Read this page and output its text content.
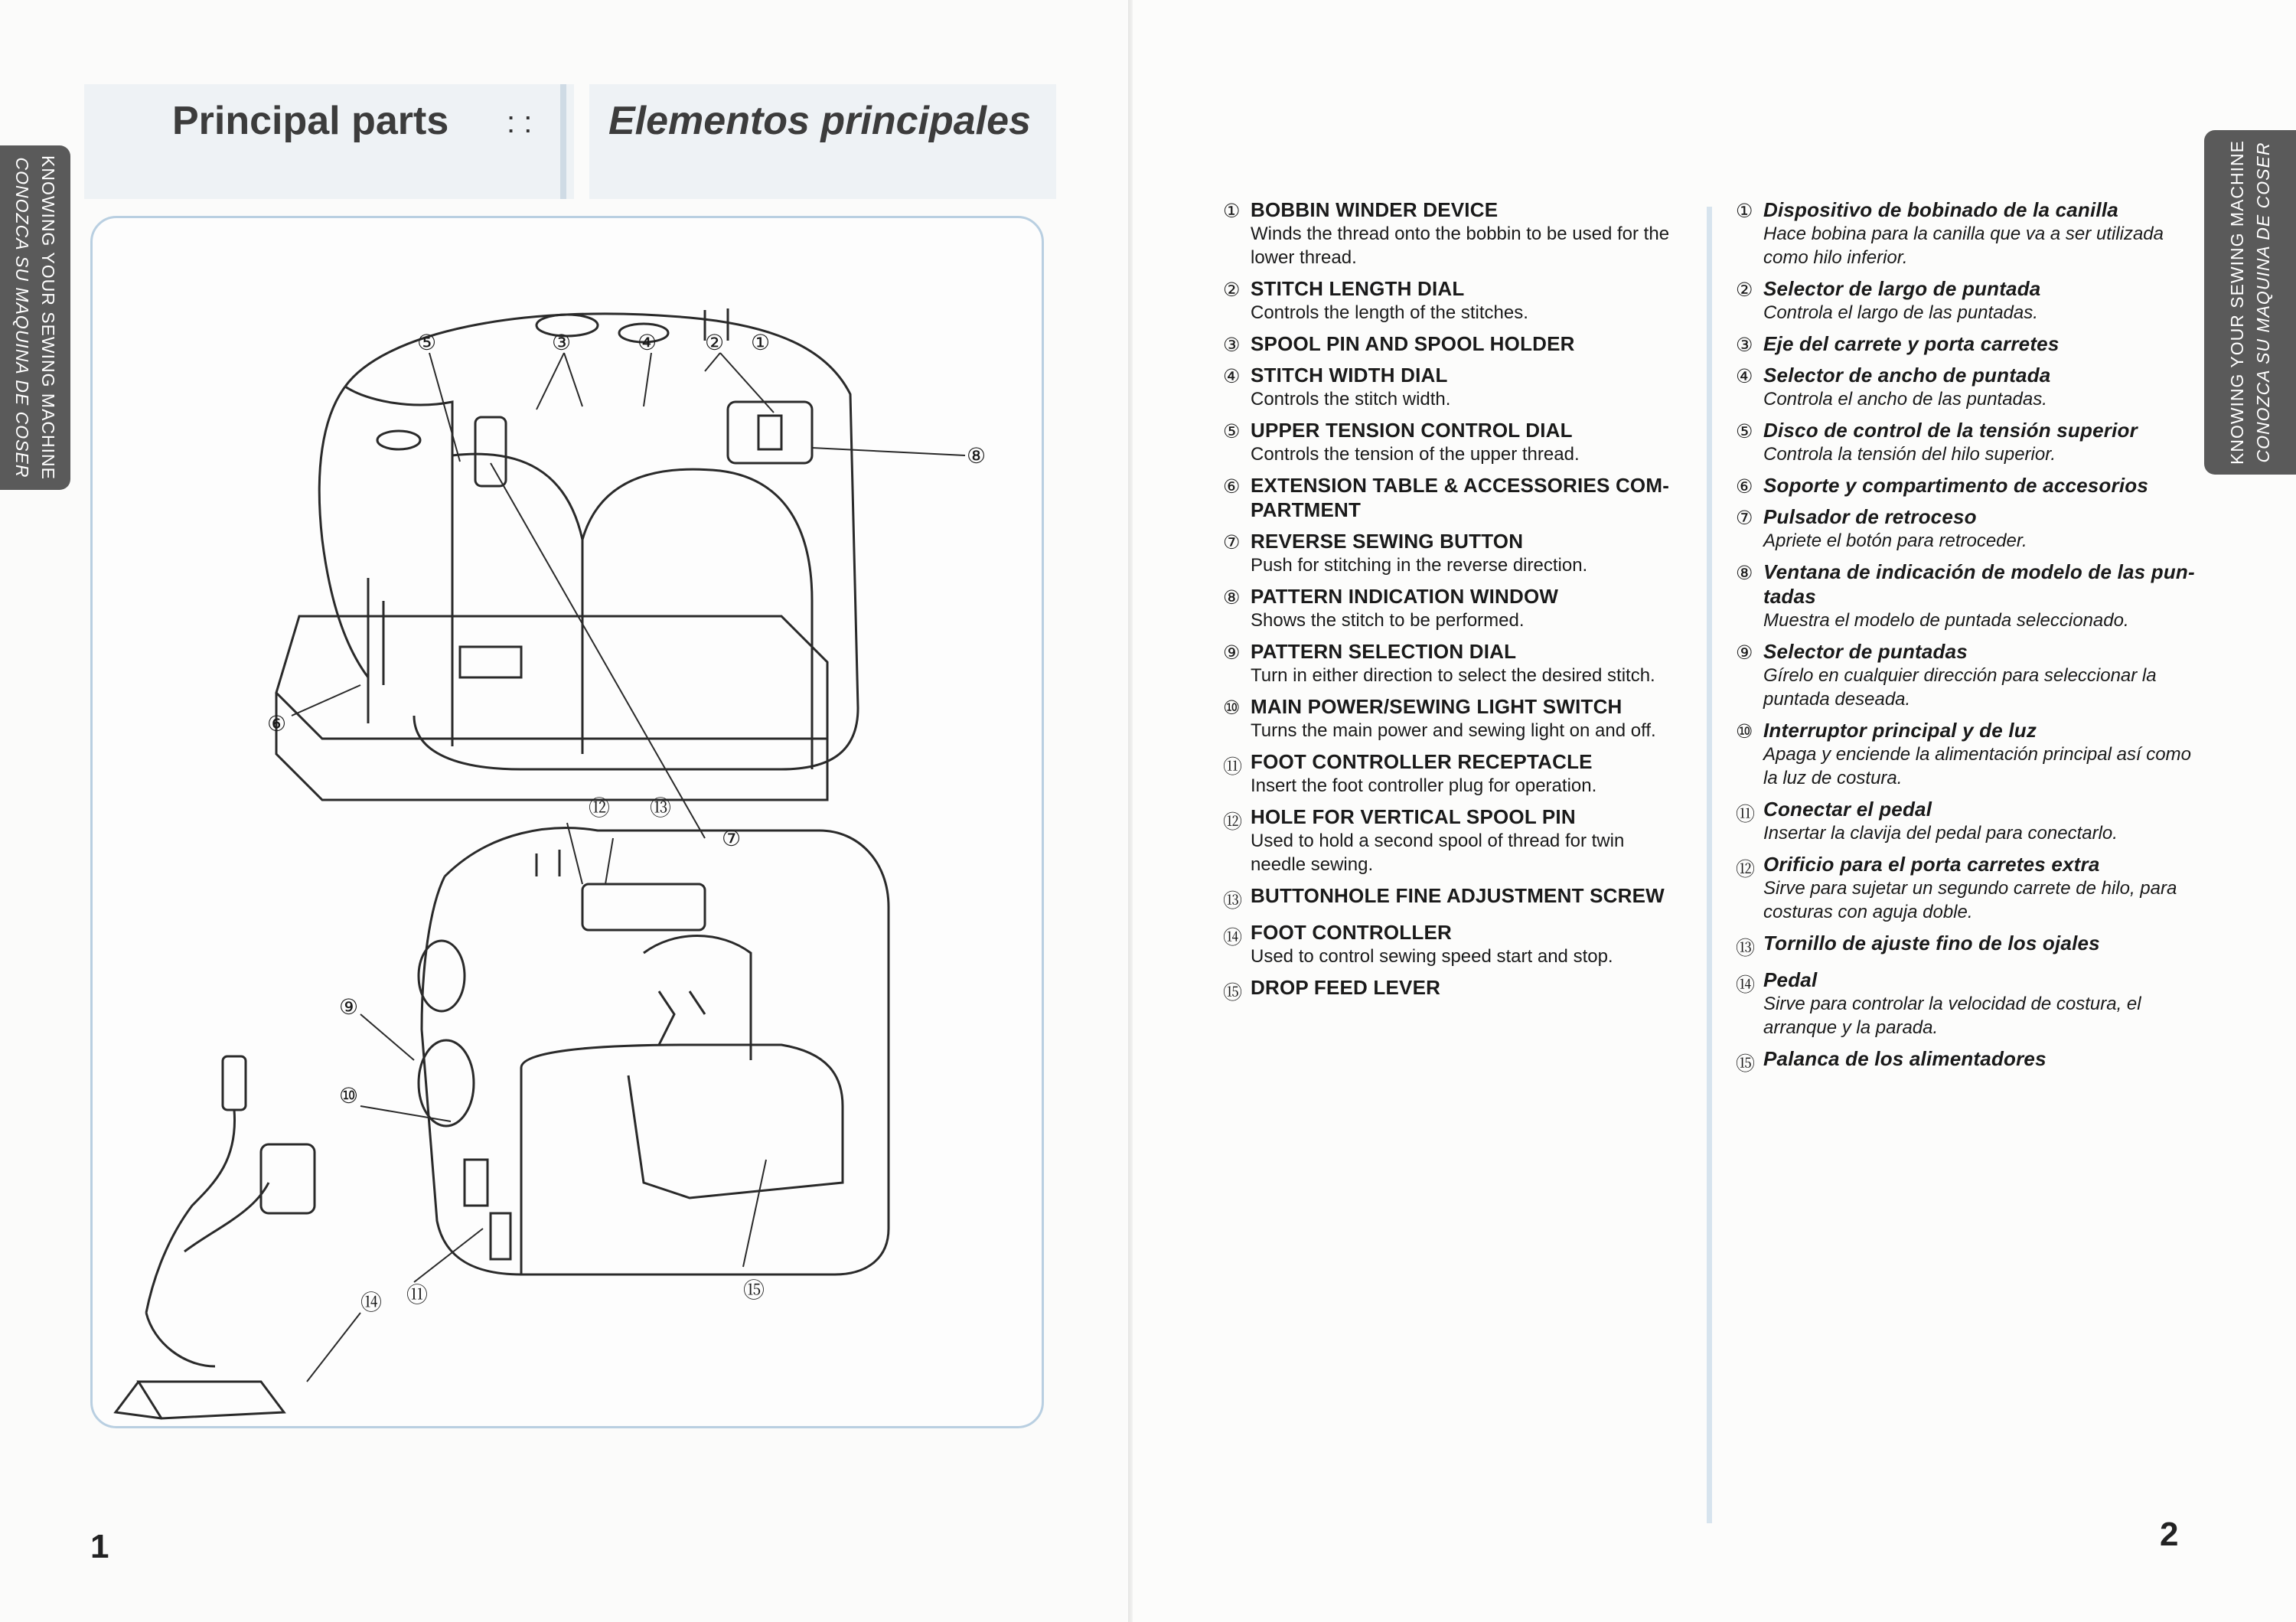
Principal parts : : Elementos principales
KNOWING YOUR SEWING MACHINE
CONOZCA SU MAQUINA DE COSER	⑤	③	④ ② ①
⑧
⑥
⑦
⑫ ⑬
⑨
⑩
⑪	⑮
⑭
1
KNOWING YOUR SEWING MACHINE CONOZCA SU MAQUINA DE COSER
2
① BOBBIN WINDER DEVICE
Winds the thread onto the bobbin to be used for the lower thread.
② STITCH LENGTH DIAL
Controls the length of the stitches.
③ SPOOL PIN AND SPOOL HOLDER
④ STITCH WIDTH DIAL
Controls the stitch width.
⑤ UPPER TENSION CONTROL DIAL
Controls the tension of the upper thread.
⑥ EXTENSION TABLE & ACCESSORIES COM-PARTMENT
⑦ REVERSE SEWING BUTTON
Push for stitching in the reverse direction.
⑧ PATTERN INDICATION WINDOW
Shows the stitch to be performed.
⑨ PATTERN SELECTION DIAL
Turn in either direction to select the desired stitch.
⑩ MAIN POWER/SEWING LIGHT SWITCH
Turns the main power and sewing light on and off.
⑪ FOOT CONTROLLER RECEPTACLE
Insert the foot controller plug for operation.
⑫ HOLE FOR VERTICAL SPOOL PIN
Used to hold a second spool of thread for twin needle sewing.
⑬ BUTTONHOLE FINE ADJUSTMENT SCREW
⑭ FOOT CONTROLLER
Used to control sewing speed start and stop.
⑮ DROP FEED LEVER
① Dispositivo de bobinado de la canilla
Hace bobina para la canilla que va a ser utilizada como hilo inferior.
② Selector de largo de puntada
Controla el largo de las puntadas.
③ Eje del carrete y porta carretes
④ Selector de ancho de puntada
Controla el ancho de las puntadas.
⑤ Disco de control de la tensión superior
Controla la tensión del hilo superior.
⑥ Soporte y compartimento de accesorios
⑦ Pulsador de retroceso
Apriete el botón para retroceder.
⑧ Ventana de indicación de modelo de las pun-tadas
Muestra el modelo de puntada seleccionado.
⑨ Selector de puntadas
Gírelo en cualquier dirección para seleccionar la puntada deseada.
⑩ Interruptor principal y de luz
Apaga y enciende la alimentación principal así como la luz de costura.
⑪ Conectar el pedal
Insertar la clavija del pedal para conectarlo.
⑫ Orificio para el porta carretes extra
Sirve para sujetar un segundo carrete de hilo, para costuras con aguja doble.
⑬ Tornillo de ajuste fino de los ojales
⑭ Pedal
Sirve para controlar la velocidad de costura, el arranque y la parada.
⑮ Palanca de los alimentadores
